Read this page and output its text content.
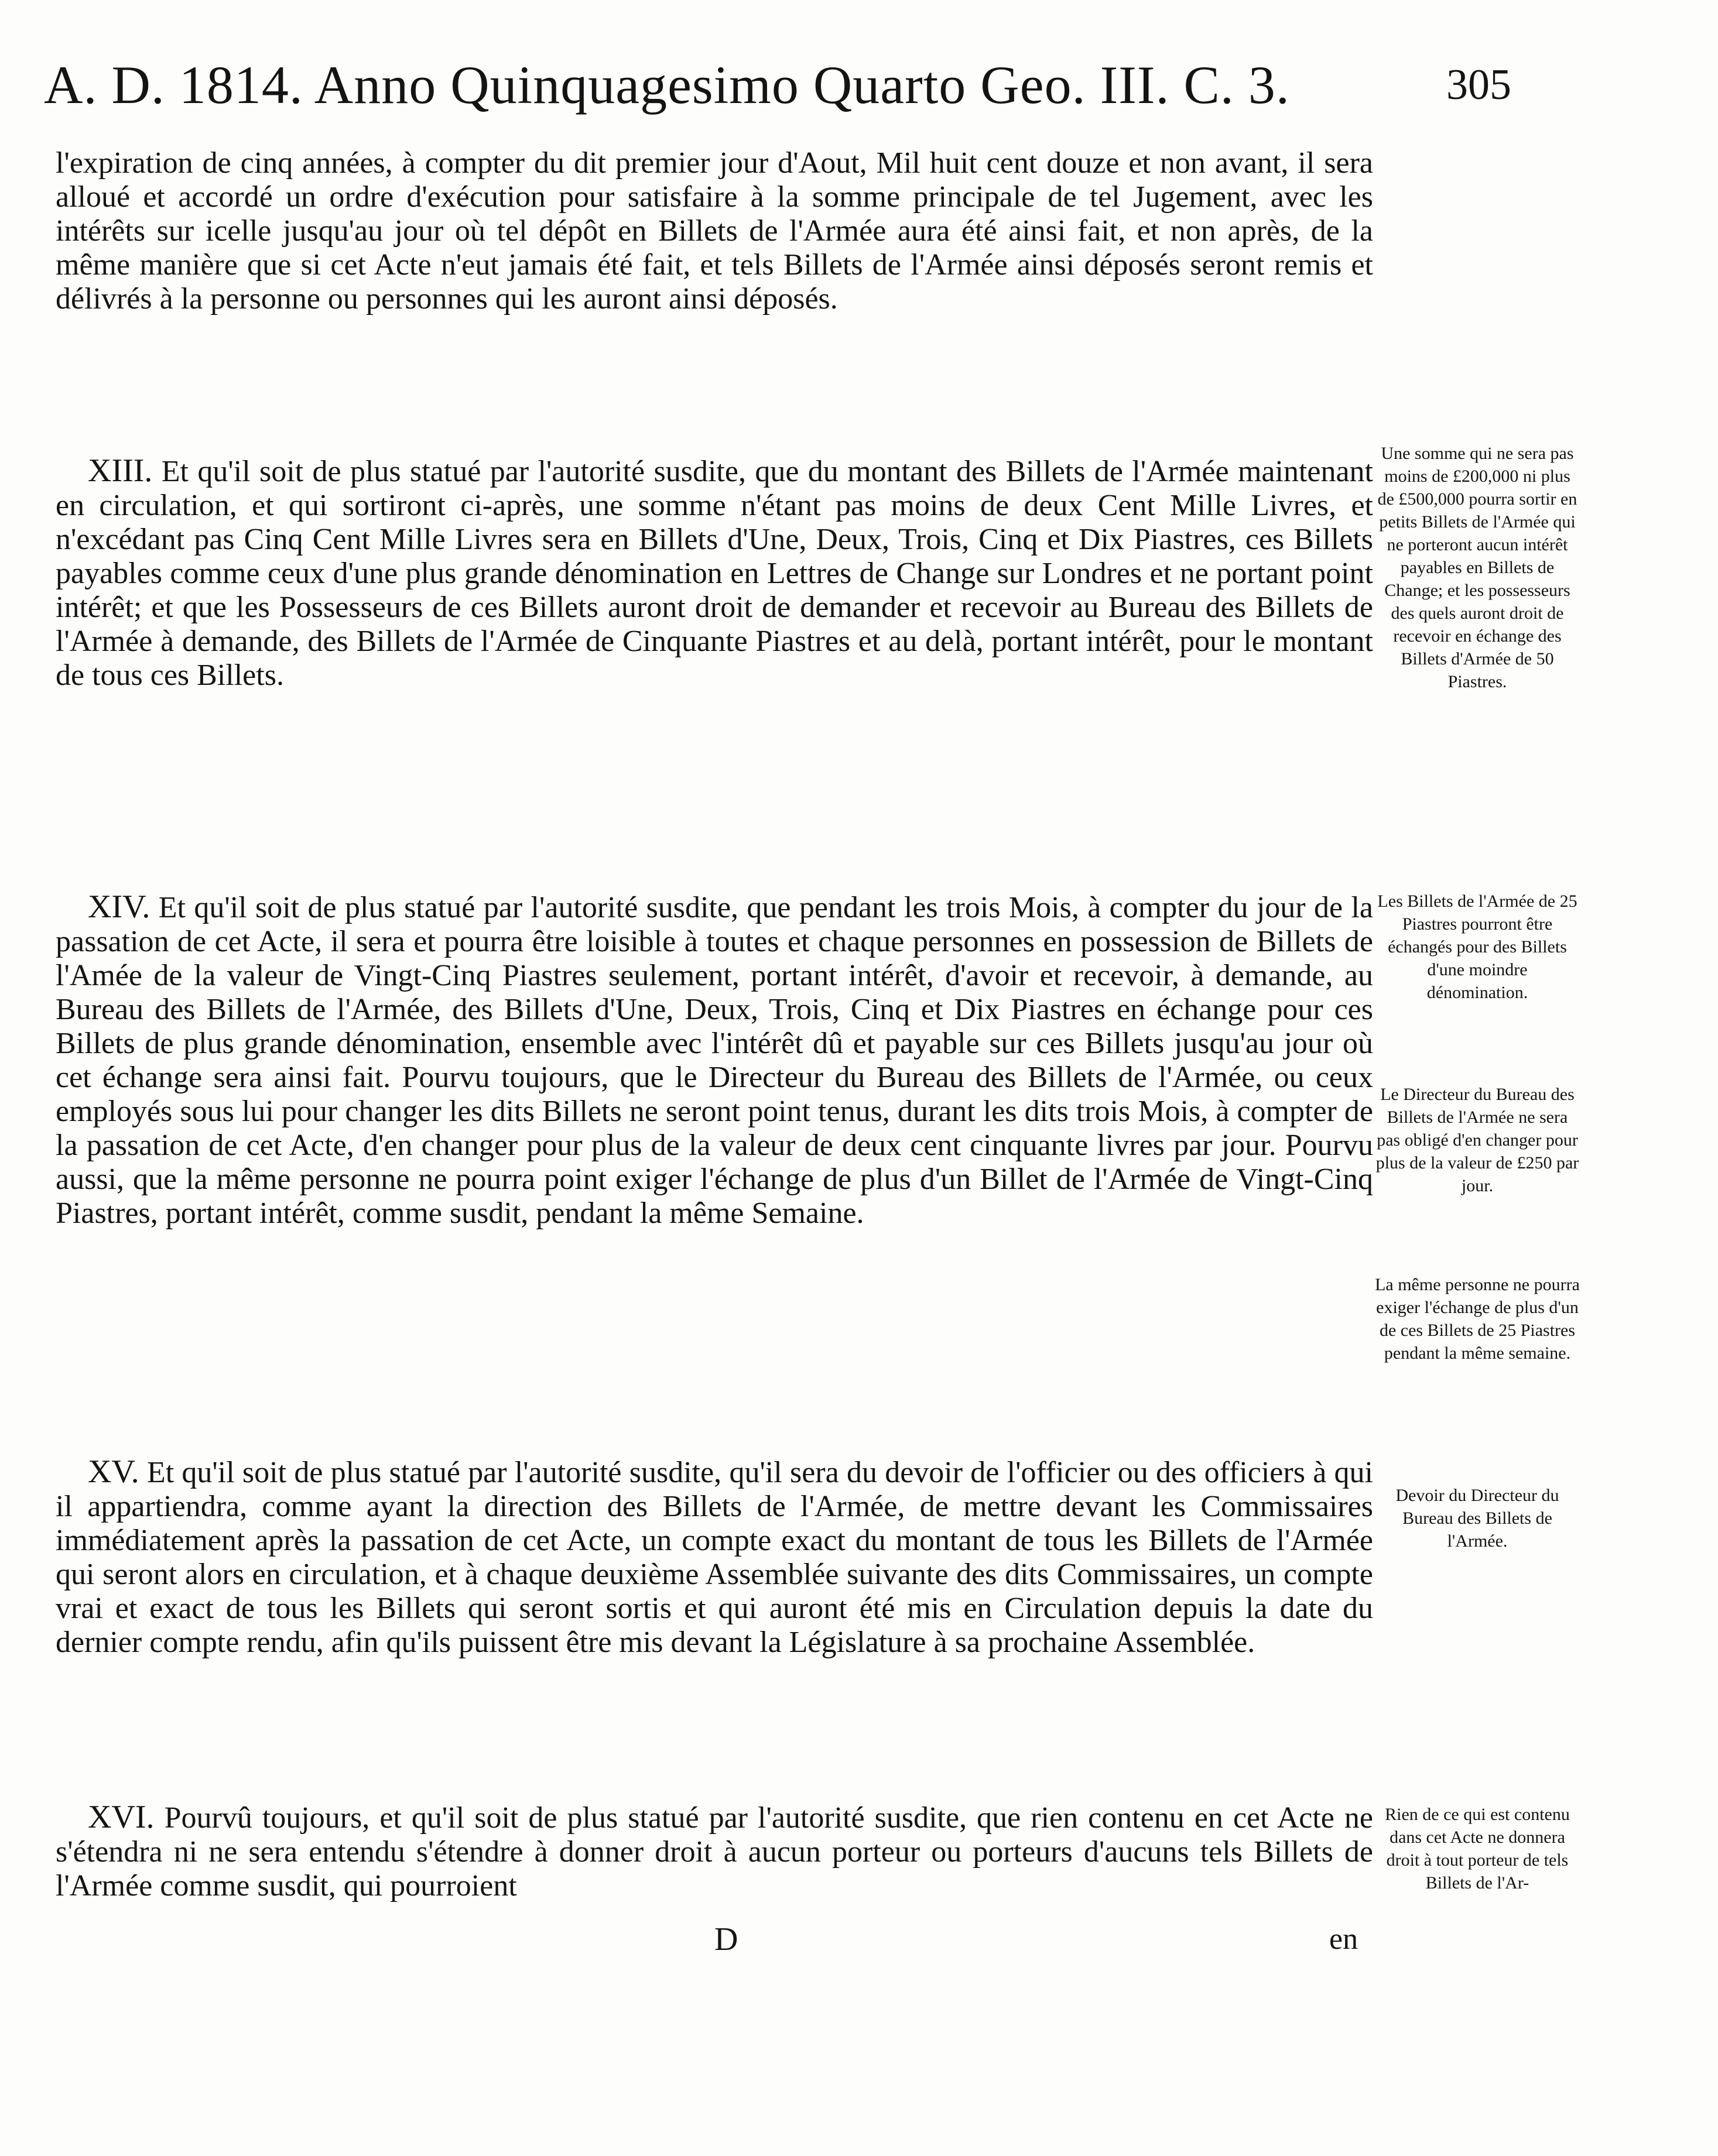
A. D. 1814. Anno Quinquagesimo Quarto Geo. III. C. 3.	305

l'expiration de cinq années, à compter du dit premier jour d'Aout, Mil huit cent douze et non avant, il sera alloué et accordé un ordre d'exécution pour satisfaire à la somme principale de tel Jugement, avec les intérêts sur icelle jusqu'au jour où tel dépôt en Billets de l'Armée aura été ainsi fait, et non après, de la même manière que si cet Acte n'eut jamais été fait, et tels Billets de l'Armée ainsi déposés seront remis et délivrés à la personne ou personnes qui les auront ainsi déposés.

XIII. Et qu'il soit de plus statué par l'autorité susdite, que du montant des Billets de l'Armée maintenant en circulation, et qui sortiront ci-après, une somme n'étant pas moins de deux Cent Mille Livres, et n'excédant pas Cinq Cent Mille Livres sera en Billets d'Une, Deux, Trois, Cinq et Dix Piastres, ces Billets payables comme ceux d'une plus grande dénomination en Lettres de Change sur Londres et ne portant point intérêt; et que les Possesseurs de ces Billets auront droit de demander et recevoir au Bureau des Billets de l'Armée à demande, des Billets de l'Armée de Cinquante Piastres et au delà, portant intérêt, pour le montant de tous ces Billets.

XIV. Et qu'il soit de plus statué par l'autorité susdite, que pendant les trois Mois, à compter du jour de la passation de cet Acte, il sera et pourra être loisible à toutes et chaque personnes en possession de Billets de l'Amée de la valeur de Vingt-Cinq Piastres seulement, portant intérêt, d'avoir et recevoir, à demande, au Bureau des Billets de l'Armée, des Billets d'Une, Deux, Trois, Cinq et Dix Piastres en échange pour ces Billets de plus grande dénomination, ensemble avec l'intérêt dû et payable sur ces Billets jusqu'au jour où cet échange sera ainsi fait. Pourvu toujours, que le Directeur du Bureau des Billets de l'Armée, ou ceux employés sous lui pour changer les dits Billets ne seront point tenus, durant les dits trois Mois, à compter de la passation de cet Acte, d'en changer pour plus de la valeur de deux cent cinquante livres par jour. Pourvu aussi, que la même personne ne pourra point exiger l'échange de plus d'un Billet de l'Armée de Vingt-Cinq Piastres, portant intérêt, comme susdit, pendant la même Semaine.

XV. Et qu'il soit de plus statué par l'autorité susdite, qu'il sera du devoir de l'officier ou des officiers à qui il appartiendra, comme ayant la direction des Billets de l'Armée, de mettre devant les Commissaires immédiatement après la passation de cet Acte, un compte exact du montant de tous les Billets de l'Armée qui seront alors en circulation, et à chaque deuxième Assemblée suivante des dits Commissaires, un compte vrai et exact de tous les Billets qui seront sortis et qui auront été mis en Circulation depuis la date du dernier compte rendu, afin qu'ils puissent être mis devant la Législature à sa prochaine Assemblée.

XVI. Pourvû toujours, et qu'il soit de plus statué par l'autorité susdite, que rien contenu en cet Acte ne s'étendra ni ne sera entendu s'étendre à donner droit à aucun porteur ou porteurs d'aucuns tels Billets de l'Armée comme susdit, qui pourroient

Une somme qui ne sera pas moins de £200,000 ni plus de £500,000 pourra sortir en petits Billets de l'Armée qui ne porteront aucun intérêt payables en Billets de Change; et les possesseurs des quels auront droit de recevoir en échange des Billets d'Armée de 50 Piastres.
Les Billets de l'Armée de 25 Piastres pourront être échangés pour des Billets d'une moindre dénomination.
Le Directeur du Bureau des Billets de l'Armée ne sera pas obligé d'en changer pour plus de la valeur de £250 par jour.
La même personne ne pourra exiger l'échange de plus d'un de ces Billets de 25 Piastres pendant la même semaine.
Devoir du Directeur du Bureau des Billets de l'Armée.
Rien de ce qui est contenu dans cet Acte ne donnera droit à tout porteur de tels Billets de l'Ar-
D	en
